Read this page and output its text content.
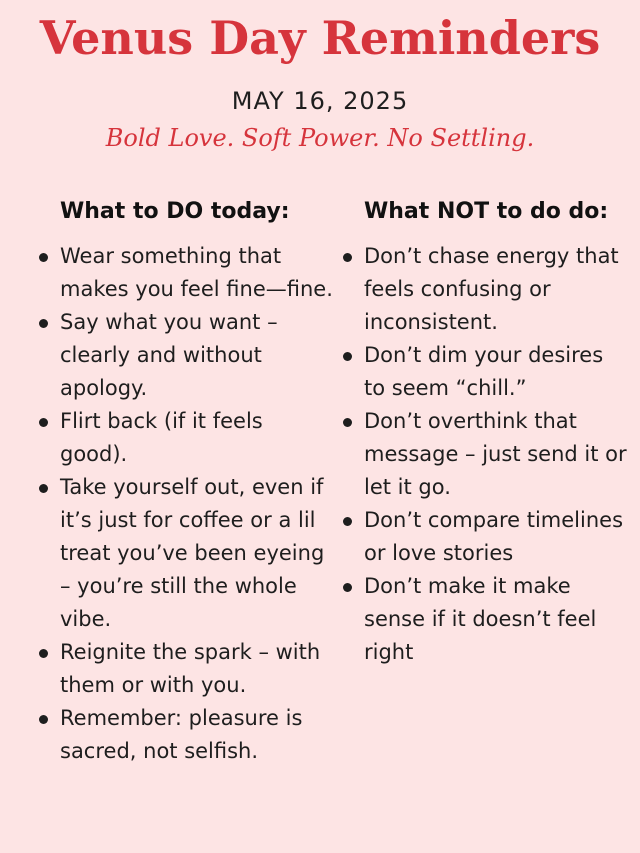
Venus Day Reminders
MAY 16, 2025
Bold Love. Soft Power. No Settling.
What to DO today:
Wear something that makes you feel fine—fine.
Say what you want – clearly and without apology.
Flirt back (if it feels good).
Take yourself out, even if it’s just for coffee or a lil treat you’ve been eyeing – you’re still the whole vibe.
Reignite the spark – with them or with you.
Remember: pleasure is sacred, not selfish.
What NOT to do do:
Don’t chase energy that feels confusing or inconsistent.
Don’t dim your desires to seem “chill.”
Don’t overthink that message – just send it or let it go.
Don’t compare timelines or love stories
Don’t make it make sense if it doesn’t feel right
